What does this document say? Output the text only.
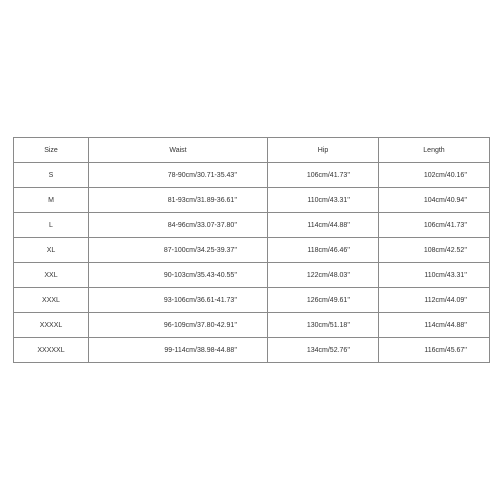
Size	Waist	Hip	Length
S	78-90cm/30.71-35.43''	106cm/41.73''	102cm/40.16''
M	81-93cm/31.89-36.61''	110cm/43.31''	104cm/40.94''
L	84-96cm/33.07-37.80''	114cm/44.88''	106cm/41.73''
XL	87-100cm/34.25-39.37''	118cm/46.46''	108cm/42.52''
XXL	90-103cm/35.43-40.55''	122cm/48.03''	110cm/43.31''
XXXL	93-106cm/36.61-41.73''	126cm/49.61''	112cm/44.09''
XXXXL	96-109cm/37.80-42.91''	130cm/51.18''	114cm/44.88''
XXXXXL	99-114cm/38.98-44.88''	134cm/52.76''	116cm/45.67''
